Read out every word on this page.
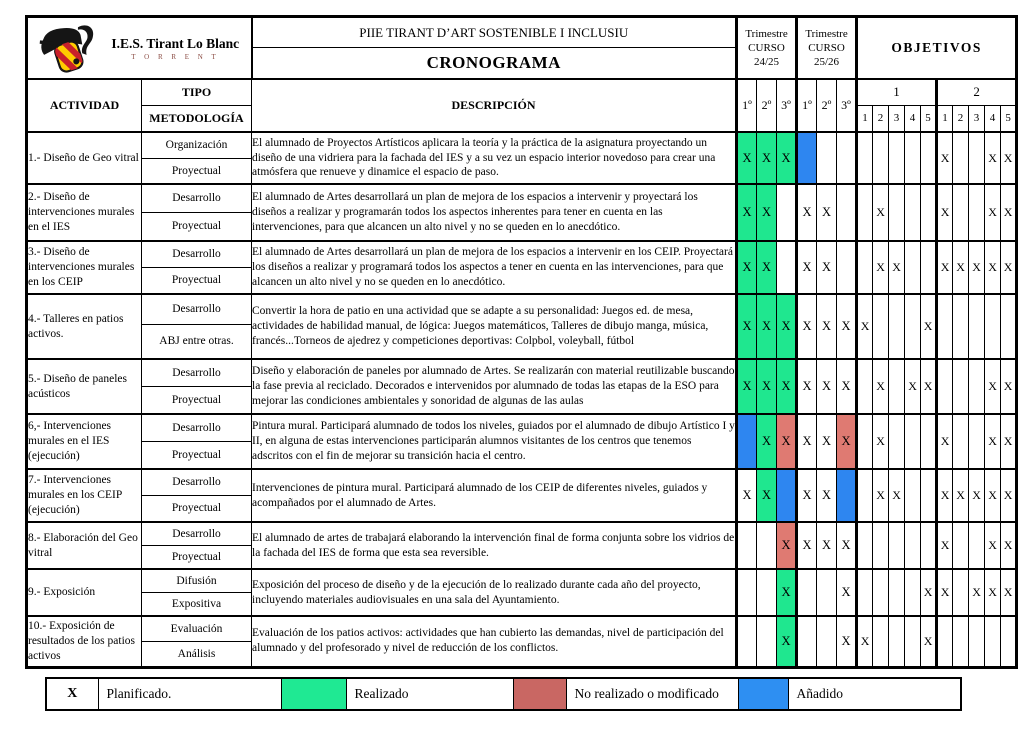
I.E.S. Tirant Lo Blanc
T O R R E N T

PIIE TIRANT D’ART SOSTENIBLE I INCLUSIU
CRONOGRAMA
	Trimestre CURSO 24/25	Trimestre CURSO 25/26	OBJETIVOS
ACTIVIDAD	TIPO	DESCRIPCIÓN	1º	2º	3º	1º	2º	3º	1					2				
	METODOLOGÍA								1	2	3	4	5	1	2	3	4	5
1.- Diseño de Geo vitral	Organización	El alumnado de Proyectos Artísticos aplicara la teoría y la práctica de la asignatura proyectando un diseño de una vidriera para la fachada del IES y a su vez un espacio interior novedoso para crear una atmósfera que renueve y dinamice el espacio de paso.	X	X	X									X			X	X
	Proyectual																	
2.- Diseño de intervenciones murales en el IES	Desarrollo	El alumnado de Artes desarrollará un plan de mejora de los espacios a intervenir y proyectará los diseños a realizar y programarán todos los aspectos inherentes para tener en cuenta en las intervenciones, para que alcancen un alto nivel y no se queden en lo anecdótico.	X	X		X	X			X				X			X	X
	Proyectual																	
3.- Diseño de intervenciones murales en los CEIP	Desarrollo	El alumnado de Artes desarrollará un plan de mejora de los espacios a intervenir en los CEIP. Proyectará los diseños a realizar y programará todos los aspectos a tener en cuenta en las intervenciones, para que alcancen un alto nivel y no se queden en lo anecdótico.	X	X		X	X			X	X			X	X	X	X	X
	Proyectual																	
4.- Talleres en patios activos.	Desarrollo	Convertir la hora de patio en una actividad que se adapte a su personalidad: Juegos ed. de mesa, actividades de habilidad manual, de lógica: Juegos matemáticos, Talleres de dibujo manga, música, francés...Torneos de ajedrez y competiciones deportivas: Colpbol, voleyball, fútbol	X	X	X	X	X	X	X				X					
	ABJ entre otras.																	
5.- Diseño de paneles acústicos	Desarrollo	Diseño y elaboración de paneles por alumnado de Artes. Se realizarán con material reutilizable buscando la fase previa al reciclado. Decorados e intervenidos por alumnado de todas las etapas de la ESO para mejorar las condiciones ambientales y sonoridad de algunas de las aulas	X	X	X	X	X	X		X		X	X				X	X
	Proyectual																	
6,- Intervenciones murales en el IES (ejecución)	Desarrollo	Pintura mural. Participará alumnado de todos los niveles, guiados por el alumnado de dibujo Artístico I y II, en alguna de estas intervenciones participarán alumnos visitantes de los centros que tenemos adscritos con el fin de mejorar su transición hacia el centro.		X	X	X	X	X		X				X			X	X
	Proyectual																	
7.- Intervenciones murales en los CEIP (ejecución)	Desarrollo	Intervenciones de pintura mural. Participará alumnado de los CEIP de diferentes niveles, guiados y acompañados por el alumnado de Artes.	X	X		X	X			X	X			X	X	X	X	X
	Proyectual																	
8.- Elaboración del Geo vitral	Desarrollo	El alumnado de artes de trabajará elaborando la intervención final de forma conjunta sobre los vidrios de la fachada del IES de forma que esta sea reversible.			X	X	X	X						X			X	X
	Proyectual																	
9.- Exposición	Difusión	Exposición del proceso de diseño y de la ejecución de lo realizado durante cada año del proyecto, incluyendo materiales audiovisuales en una sala del Ayuntamiento.			X			X					X	X		X	X	X
	Expositiva																	
10.- Exposición de resultados de los patios activos	Evaluación	Evaluación de los patios activos: actividades que han cubierto las demandas, nivel de participación del alumnado y del profesorado y nivel de reducción de los conflictos.			X			X	X				X					
	Análisis																	
X	Planificado.		Realizado		No realizado o modificado		Añadido
